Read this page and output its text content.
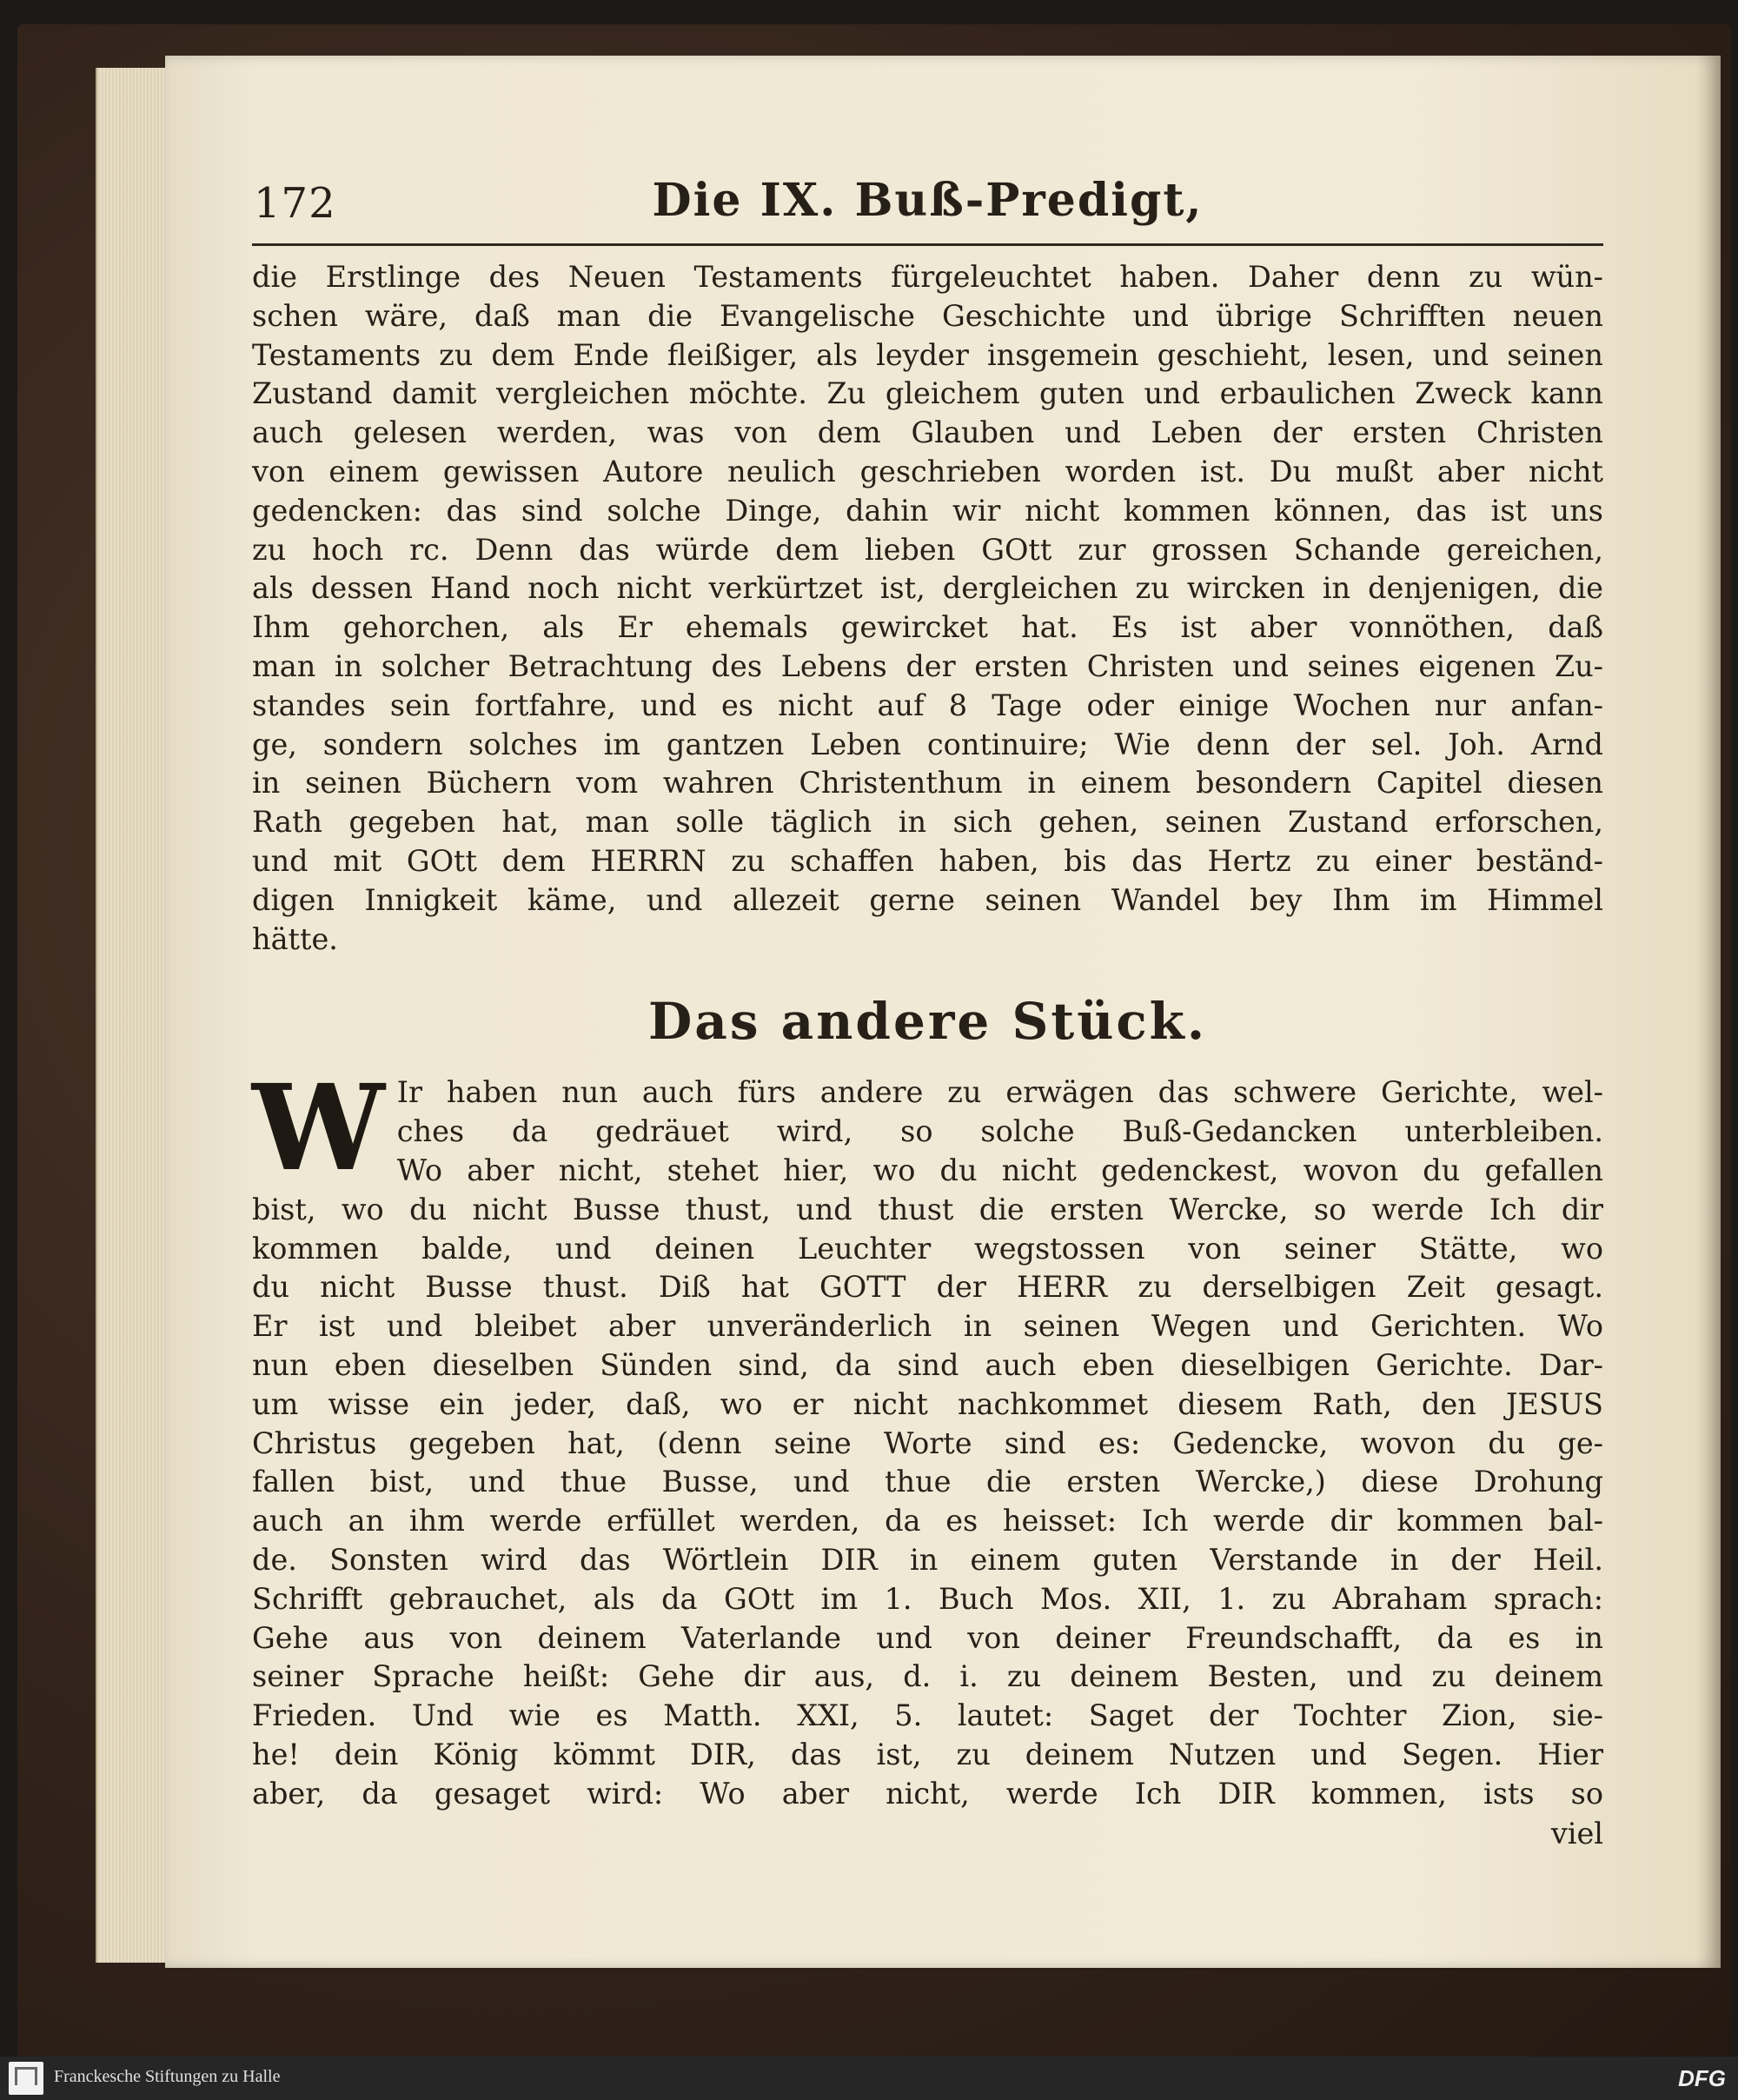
172	Die IX. Buß-Predigt,

die Erstlinge des Neuen Testaments fürgeleuchtet haben. Daher denn zu wün-

schen wäre, daß man die Evangelische Geschichte und übrige Schrifften neuen

Testaments zu dem Ende fleißiger, als leyder insgemein geschieht, lesen, und seinen

Zustand damit vergleichen möchte. Zu gleichem guten und erbaulichen Zweck kann

auch gelesen werden, was von dem Glauben und Leben der ersten Christen

von einem gewissen Autore neulich geschrieben worden ist. Du mußt aber nicht

gedencken: das sind solche Dinge, dahin wir nicht kommen können, das ist uns

zu hoch rc. Denn das würde dem lieben GOtt zur grossen Schande gereichen,

als dessen Hand noch nicht verkürtzet ist, dergleichen zu wircken in denjenigen, die

Ihm gehorchen, als Er ehemals gewircket hat. Es ist aber vonnöthen, daß

man in solcher Betrachtung des Lebens der ersten Christen und seines eigenen Zu-

standes sein fortfahre, und es nicht auf 8 Tage oder einige Wochen nur anfan-

ge, sondern solches im gantzen Leben continuire; Wie denn der sel. Joh. Arnd

in seinen Büchern vom wahren Christenthum in einem besondern Capitel diesen

Rath gegeben hat, man solle täglich in sich gehen, seinen Zustand erforschen,

und mit GOtt dem HERRN zu schaffen haben, bis das Hertz zu einer beständ-

digen Innigkeit käme, und allezeit gerne seinen Wandel bey Ihm im Himmel

hätte.

Das andere Stück.
W Ir haben nun auch fürs andere zu erwägen das schwere Gerichte, wel-

ches da gedräuet wird, so solche Buß-Gedancken unterbleiben.

Wo aber nicht, stehet hier, wo du nicht gedenckest, wovon du gefallen

bist, wo du nicht Busse thust, und thust die ersten Wercke, so werde Ich dir

kommen balde, und deinen Leuchter wegstossen von seiner Stätte, wo

du nicht Busse thust. Diß hat GOTT der HERR zu derselbigen Zeit gesagt.

Er ist und bleibet aber unveränderlich in seinen Wegen und Gerichten. Wo

nun eben dieselben Sünden sind, da sind auch eben dieselbigen Gerichte. Dar-

um wisse ein jeder, daß, wo er nicht nachkommet diesem Rath, den JESUS

Christus gegeben hat, (denn seine Worte sind es: Gedencke, wovon du ge-

fallen bist, und thue Busse, und thue die ersten Wercke,) diese Drohung

auch an ihm werde erfüllet werden, da es heisset: Ich werde dir kommen bal-

de. Sonsten wird das Wörtlein DIR in einem guten Verstande in der Heil.

Schrifft gebrauchet, als da GOtt im 1. Buch Mos. XII, 1. zu Abraham sprach:

Gehe aus von deinem Vaterlande und von deiner Freundschafft, da es in

seiner Sprache heißt: Gehe dir aus, d. i. zu deinem Besten, und zu deinem

Frieden. Und wie es Matth. XXI, 5. lautet: Saget der Tochter Zion, sie-

he! dein König kömmt DIR, das ist, zu deinem Nutzen und Segen. Hier

aber, da gesaget wird: Wo aber nicht, werde Ich DIR kommen, ists so

viel
Franckesche Stiftungen zu Halle	DFG
